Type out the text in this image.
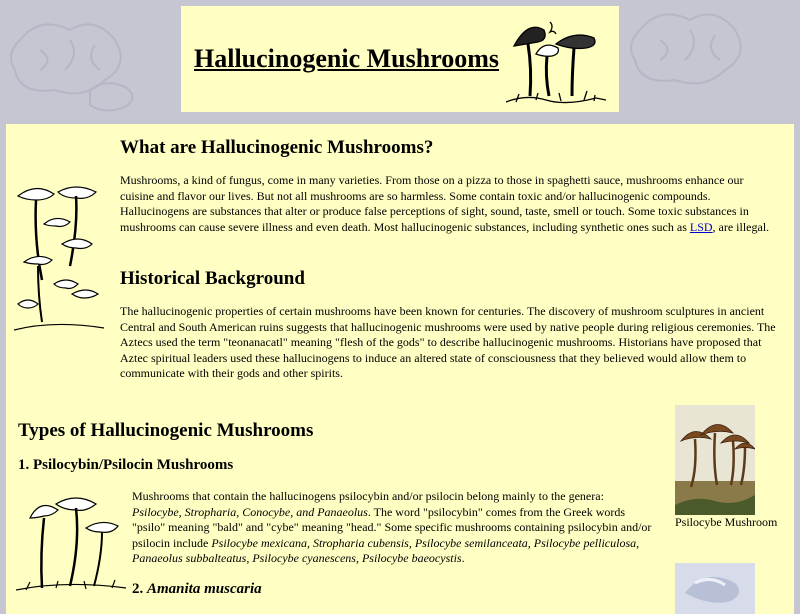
Hallucinogenic Mushrooms
What are Hallucinogenic Mushrooms?

Mushrooms, a kind of fungus, come in many varieties. From those on a pizza to those in spaghetti sauce, mushrooms enhance our cuisine and flavor our lives. But not all mushrooms are so harmless. Some contain toxic and/or hallucinogenic compounds. Hallucinogens are substances that alter or produce false perceptions of sight, sound, taste, smell or touch. Some toxic substances in mushrooms can cause severe illness and even death. Most hallucinogenic substances, including synthetic ones such as LSD, are illegal.

Historical Background

The hallucinogenic properties of certain mushrooms have been known for centuries. The discovery of mushroom sculptures in ancient Central and South American ruins suggests that hallucinogenic mushrooms were used by native people during religious ceremonies. The Aztecs used the term "teonanacatl" meaning "flesh of the gods" to describe hallucinogenic mushrooms. Historians have proposed that Aztec spiritual leaders used these hallucinogens to induce an altered state of consciousness that they believed would allow them to communicate with their gods and other spirits.

Types of Hallucinogenic Mushrooms
1. Psilocybin/Psilocin Mushrooms

Mushrooms that contain the hallucinogens psilocybin and/or psilocin belong mainly to the genera: Psilocybe, Stropharia, Conocybe, and Panaeolus. The word "psilocybin" comes from the Greek words "psilo" meaning "bald" and "cybe" meaning "head." Some specific mushrooms containing psilocybin and/or psilocin include Psilocybe mexicana, Stropharia cubensis, Psilocybe semilanceata, Psilocybe pelliculosa, Panaeolus subbalteatus, Psilocybe cyanescens, Psilocybe baeocystis.

2. Amanita muscaria
Psilocybe Mushroom
